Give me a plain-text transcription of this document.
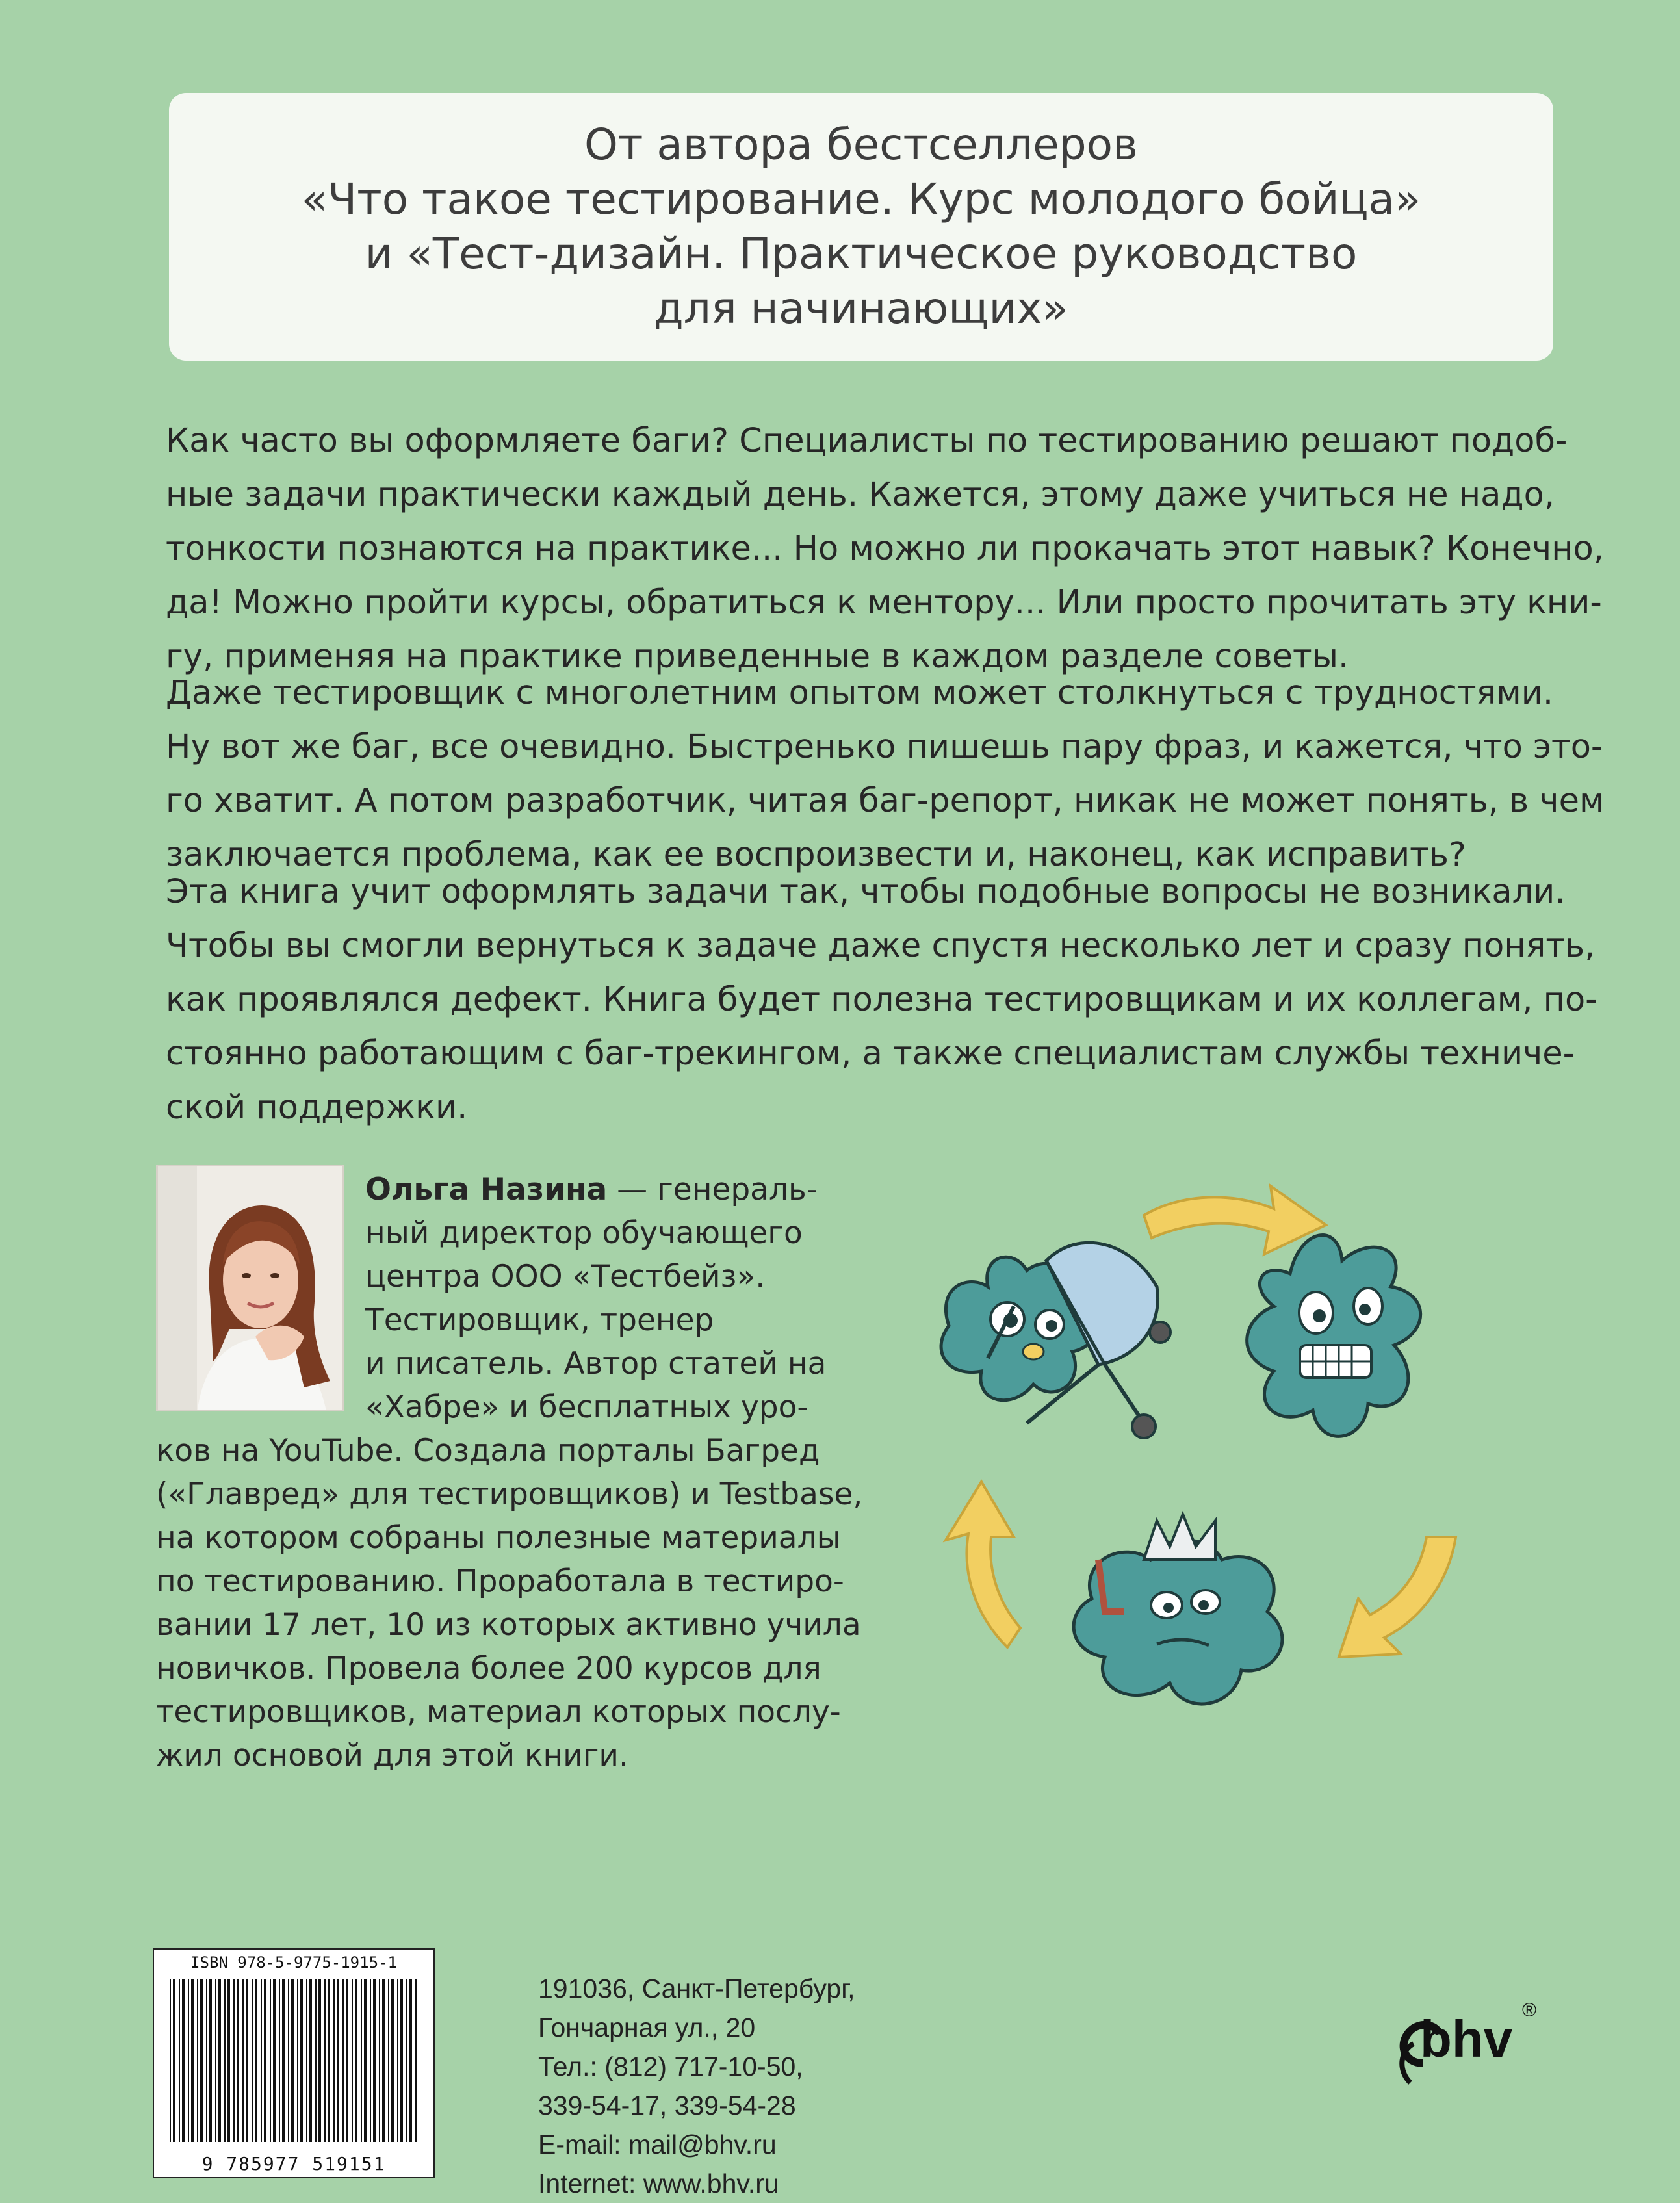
От автора бестселлеров
«Что такое тестирование. Курс молодого бойца»
и «Тест-дизайн. Практическое руководство
для начинающих»
Как часто вы оформляете баги? Специалисты по тестированию решают подоб-
ные задачи практически каждый день. Кажется, этому даже учиться не надо,
тонкости познаются на практике... Но можно ли прокачать этот навык? Конечно,
да! Можно пройти курсы, обратиться к ментору... Или просто прочитать эту кни-
гу, применяя на практике приведенные в каждом разделе советы.
Даже тестировщик с многолетним опытом может столкнуться с трудностями.
Ну вот же баг, все очевидно. Быстренько пишешь пару фраз, и кажется, что это-
го хватит. А потом разработчик, читая баг-репорт, никак не может понять, в чем
заключается проблема, как ее воспроизвести и, наконец, как исправить?
Эта книга учит оформлять задачи так, чтобы подобные вопросы не возникали.
Чтобы вы смогли вернуться к задаче даже спустя несколько лет и сразу понять,
как проявлялся дефект. Книга будет полезна тестировщикам и их коллегам, по-
стоянно работающим с баг-трекингом, а также специалистам службы техниче-
ской поддержки.
Ольга Назина — генераль-
ный директор обучающего
центра ООО «Тестбейз».
Тестировщик, тренер
и писатель. Автор статей на
«Хабре» и бесплатных уро-
ков на YouTube. Создала порталы Багред
(«Главред» для тестировщиков) и Testbase,
на котором собраны полезные материалы
по тестированию. Проработала в тестиро-
вании 17 лет, 10 из которых активно учила
новичков. Провела более 200 курсов для
тестировщиков, материал которых послу-
жил основой для этой книги.
ISBN 978-5-9775-1915-1
9 785977 519151
191036, Санкт-Петербург,
Гончарная ул., 20
Тел.: (812) 717-10-50,
339-54-17, 339-54-28
E-mail: mail@bhv.ru
Internet: www.bhv.ru
bhv ®
